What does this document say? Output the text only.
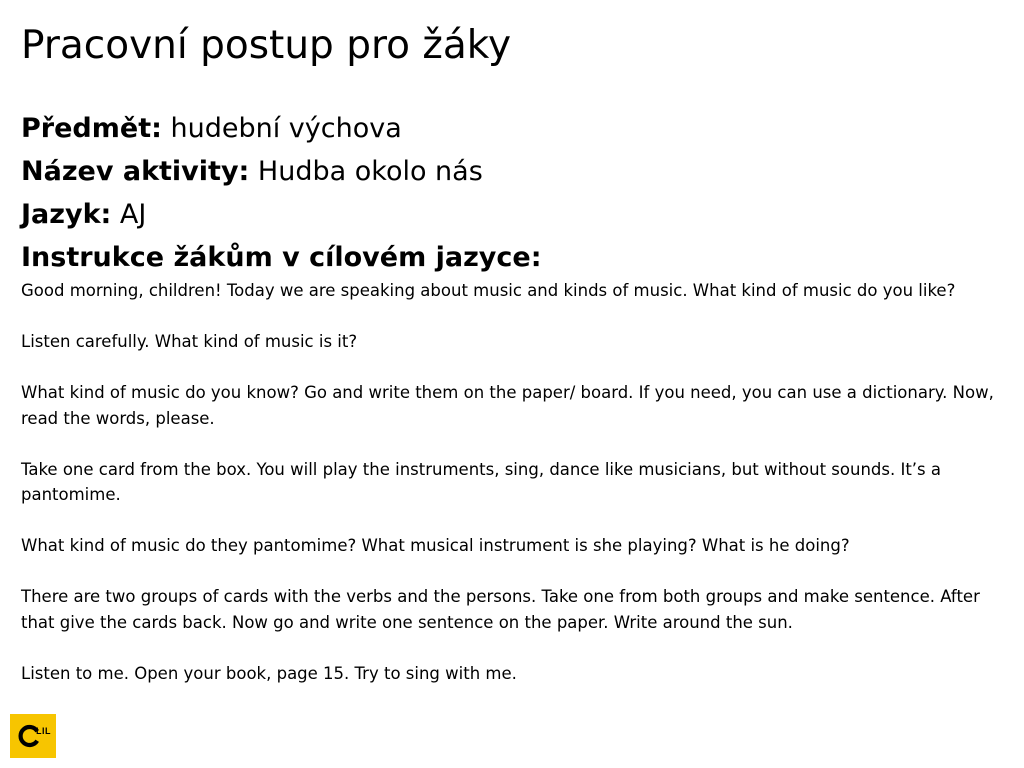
Pracovní postup pro žáky
Předmět: hudební výchova
Název aktivity: Hudba okolo nás
Jazyk: AJ
Instrukce žákům v cílovém jazyce:

Good morning, children! Today we are speaking about music and kinds of music. What kind of music do you like?

Listen carefully. What kind of music is it?

What kind of music do you know? Go and write them on the paper/ board. If you need, you can use a dictionary. Now, read the words, please.

Take one card from the box. You will play the instruments, sing, dance like musicians, but without sounds. It’s a pantomime.

What kind of music do they pantomime? What musical instrument is she playing? What is he doing?

There are two groups of cards with the verbs and the persons. Take one from both groups and make sentence. After that give the cards back. Now go and write one sentence on the paper. Write around the sun.

Listen to me. Open your book, page 15. Try to sing with me.

LIL
